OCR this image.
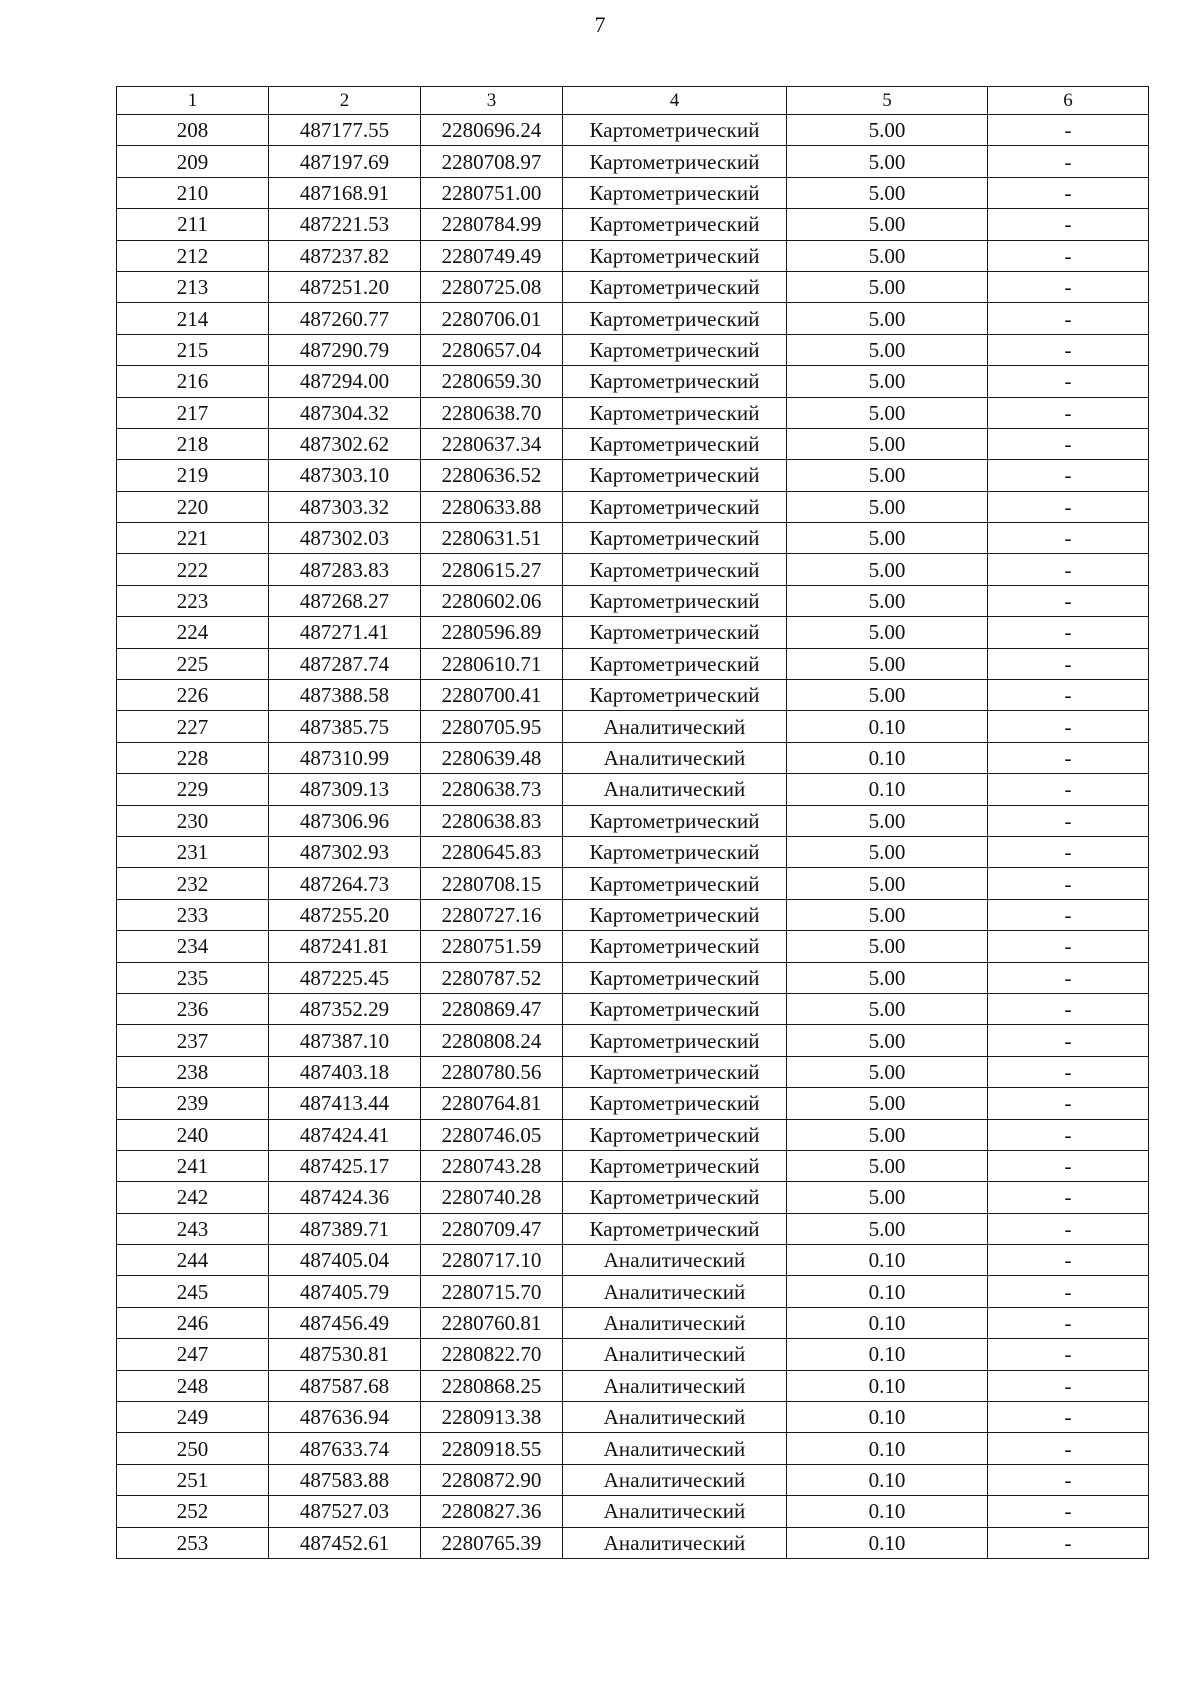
7
1	2	3	4	5	6
208	487177.55	2280696.24	Картометрический	5.00	-
209	487197.69	2280708.97	Картометрический	5.00	-
210	487168.91	2280751.00	Картометрический	5.00	-
211	487221.53	2280784.99	Картометрический	5.00	-
212	487237.82	2280749.49	Картометрический	5.00	-
213	487251.20	2280725.08	Картометрический	5.00	-
214	487260.77	2280706.01	Картометрический	5.00	-
215	487290.79	2280657.04	Картометрический	5.00	-
216	487294.00	2280659.30	Картометрический	5.00	-
217	487304.32	2280638.70	Картометрический	5.00	-
218	487302.62	2280637.34	Картометрический	5.00	-
219	487303.10	2280636.52	Картометрический	5.00	-
220	487303.32	2280633.88	Картометрический	5.00	-
221	487302.03	2280631.51	Картометрический	5.00	-
222	487283.83	2280615.27	Картометрический	5.00	-
223	487268.27	2280602.06	Картометрический	5.00	-
224	487271.41	2280596.89	Картометрический	5.00	-
225	487287.74	2280610.71	Картометрический	5.00	-
226	487388.58	2280700.41	Картометрический	5.00	-
227	487385.75	2280705.95	Аналитический	0.10	-
228	487310.99	2280639.48	Аналитический	0.10	-
229	487309.13	2280638.73	Аналитический	0.10	-
230	487306.96	2280638.83	Картометрический	5.00	-
231	487302.93	2280645.83	Картометрический	5.00	-
232	487264.73	2280708.15	Картометрический	5.00	-
233	487255.20	2280727.16	Картометрический	5.00	-
234	487241.81	2280751.59	Картометрический	5.00	-
235	487225.45	2280787.52	Картометрический	5.00	-
236	487352.29	2280869.47	Картометрический	5.00	-
237	487387.10	2280808.24	Картометрический	5.00	-
238	487403.18	2280780.56	Картометрический	5.00	-
239	487413.44	2280764.81	Картометрический	5.00	-
240	487424.41	2280746.05	Картометрический	5.00	-
241	487425.17	2280743.28	Картометрический	5.00	-
242	487424.36	2280740.28	Картометрический	5.00	-
243	487389.71	2280709.47	Картометрический	5.00	-
244	487405.04	2280717.10	Аналитический	0.10	-
245	487405.79	2280715.70	Аналитический	0.10	-
246	487456.49	2280760.81	Аналитический	0.10	-
247	487530.81	2280822.70	Аналитический	0.10	-
248	487587.68	2280868.25	Аналитический	0.10	-
249	487636.94	2280913.38	Аналитический	0.10	-
250	487633.74	2280918.55	Аналитический	0.10	-
251	487583.88	2280872.90	Аналитический	0.10	-
252	487527.03	2280827.36	Аналитический	0.10	-
253	487452.61	2280765.39	Аналитический	0.10	-
